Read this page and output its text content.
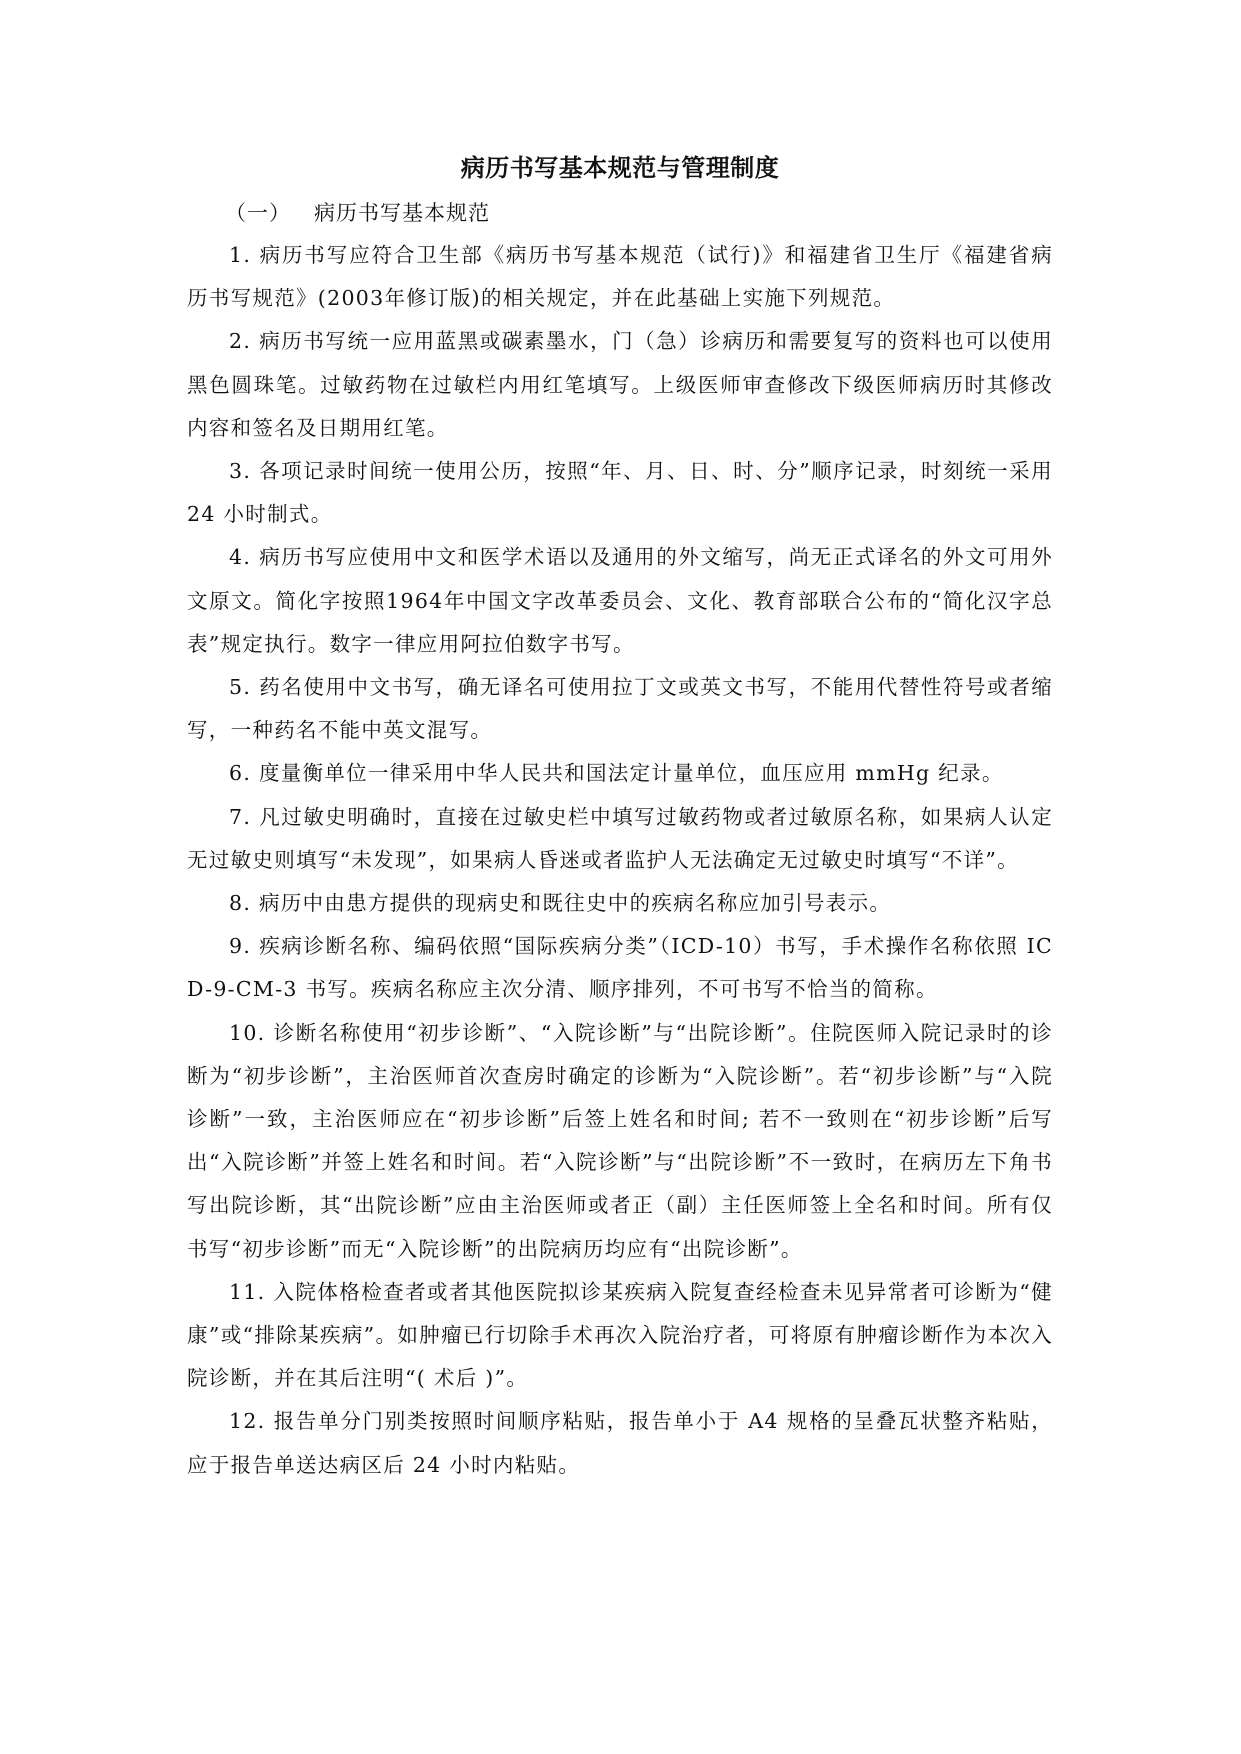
病历书写基本规范与管理制度

（一）   病历书写基本规范

1. 病历书写应符合卫生部《病历书写基本规范（试行)》和福建省卫生厅《福建省病历书写规范》(2003年修订版)的相关规定，并在此基础上实施下列规范。

2. 病历书写统一应用蓝黑或碳素墨水，门（急）诊病历和需要复写的资料也可以使用黑色圆珠笔。过敏药物在过敏栏内用红笔填写。上级医师审查修改下级医师病历时其修改内容和签名及日期用红笔。

3. 各项记录时间统一使用公历，按照“年、月、日、时、分”顺序记录，时刻统一采用 24 小时制式。

4. 病历书写应使用中文和医学术语以及通用的外文缩写，尚无正式译名的外文可用外文原文。简化字按照1964年中国文字改革委员会、文化、教育部联合公布的“简化汉字总表”规定执行。数字一律应用阿拉伯数字书写。

5. 药名使用中文书写，确无译名可使用拉丁文或英文书写，不能用代替性符号或者缩写，一种药名不能中英文混写。

6. 度量衡单位一律采用中华人民共和国法定计量单位，血压应用 mmHg 纪录。

7. 凡过敏史明确时，直接在过敏史栏中填写过敏药物或者过敏原名称，如果病人认定无过敏史则填写“未发现”，如果病人昏迷或者监护人无法确定无过敏史时填写“不详”。

8. 病历中由患方提供的现病史和既往史中的疾病名称应加引号表示。

9. 疾病诊断名称、编码依照“国际疾病分类”（ICD-10）书写，手术操作名称依照 ICD-9-CM-3 书写。疾病名称应主次分清、顺序排列，不可书写不恰当的简称。

10. 诊断名称使用“初步诊断”、“入院诊断”与“出院诊断”。住院医师入院记录时的诊断为“初步诊断”，主治医师首次查房时确定的诊断为“入院诊断”。若“初步诊断”与“入院诊断”一致，主治医师应在“初步诊断”后签上姓名和时间; 若不一致则在“初步诊断”后写出“入院诊断”并签上姓名和时间。若“入院诊断”与“出院诊断”不一致时，在病历左下角书写出院诊断，其“出院诊断”应由主治医师或者正（副）主任医师签上全名和时间。所有仅书写“初步诊断”而无“入院诊断”的出院病历均应有“出院诊断”。

11. 入院体格检查者或者其他医院拟诊某疾病入院复查经检查未见异常者可诊断为“健康”或“排除某疾病”。如肿瘤已行切除手术再次入院治疗者，可将原有肿瘤诊断作为本次入院诊断，并在其后注明“( 术后 )”。

12. 报告单分门别类按照时间顺序粘贴，报告单小于 A4 规格的呈叠瓦状整齐粘贴，应于报告单送达病区后 24 小时内粘贴。
